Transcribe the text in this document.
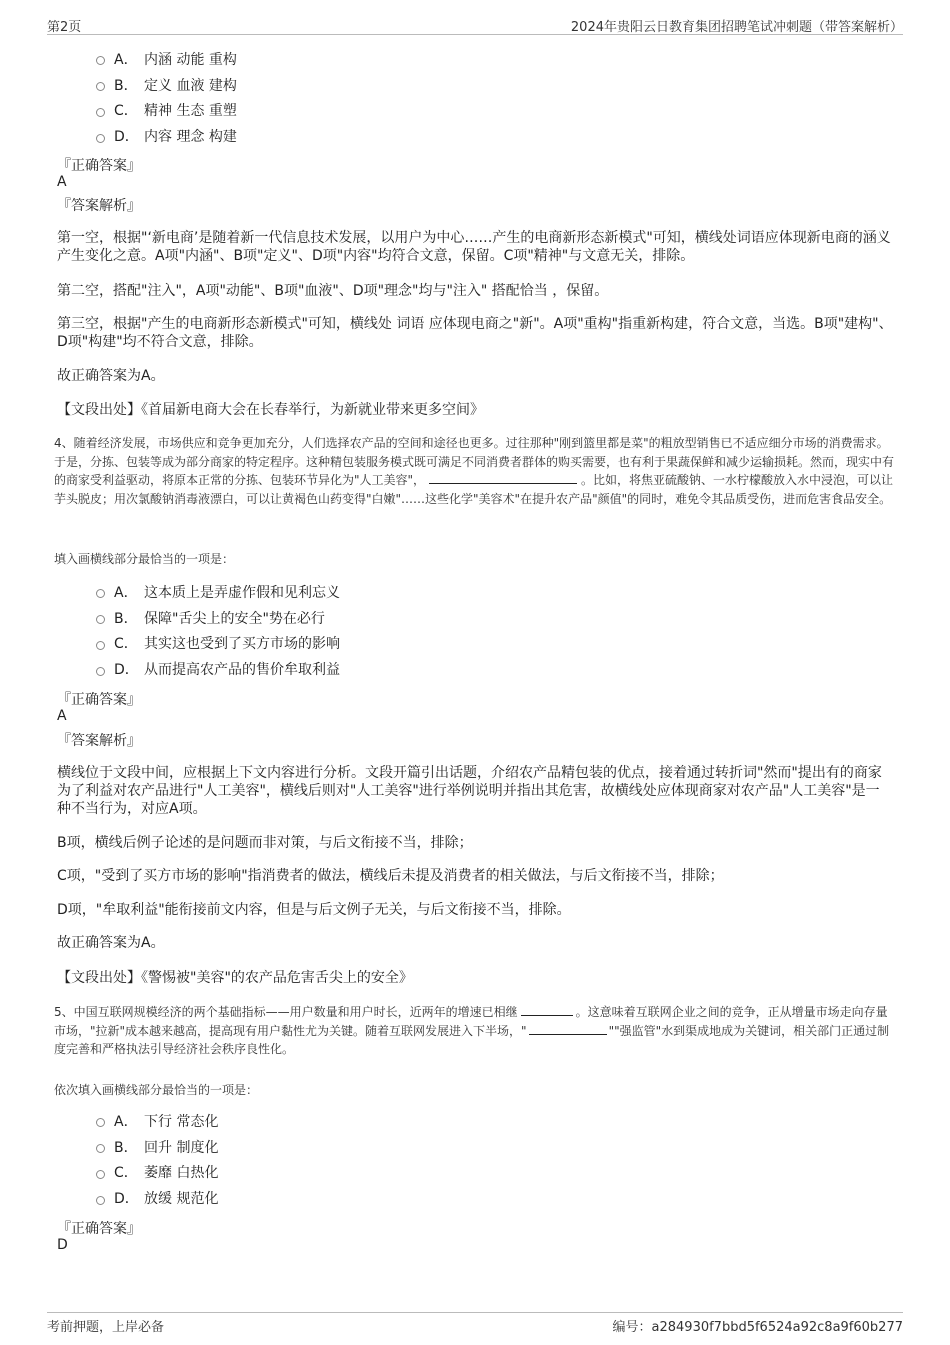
第2页	2024年贵阳云日教育集团招聘笔试冲刺题（带答案解析）
A． 内涵 动能 重构
B． 定义 血液 建构
C． 精神 生态 重塑
D． 内容 理念 构建
『正确答案』
A
『答案解析』
第一空，根据"‘新电商’是随着新一代信息技术发展，以用户为中心……产生的电商新形态新模式"可知，横线处词语应体现新电商的涵义产生变化之意。A项"内涵"、B项"定义"、D项"内容"均符合文意，保留。C项"精神"与文意无关，排除。
第二空，搭配"注入"，A项"动能"、B项"血液"、D项"理念"均与"注入" 搭配恰当 ，保留。
第三空，根据"产生的电商新形态新模式"可知，横线处 词语 应体现电商之"新"。A项"重构"指重新构建，符合文意，当选。B项"建构"、D项"构建"均不符合文意，排除。
故正确答案为A。
【文段出处】《首届新电商大会在长春举行，为新就业带来更多空间》
4、随着经济发展，市场供应和竞争更加充分，人们选择农产品的空间和途径也更多。过往那种"刚到篮里都是菜"的粗放型销售已不适应细分市场的消费需求。于是，分拣、包装等成为部分商家的特定程序。这种精包装服务模式既可满足不同消费者群体的购买需要，也有利于果蔬保鲜和减少运输损耗。然而，现实中有的商家受利益驱动，将原本正常的分拣、包装环节异化为"人工美容"，	。比如，将焦亚硫酸钠、一水柠檬酸放入水中浸泡，可以让芋头脱皮；用次氯酸钠消毒液漂白，可以让黄褐色山药变得"白嫩"……这些化学"美容术"在提升农产品"颜值"的同时，难免令其品质受伤，进而危害食品安全。
填入画横线部分最恰当的一项是：
A． 这本质上是弄虚作假和见利忘义
B． 保障"舌尖上的安全"势在必行
C． 其实这也受到了买方市场的影响
D． 从而提高农产品的售价牟取利益
『正确答案』
A
『答案解析』
横线位于文段中间，应根据上下文内容进行分析。文段开篇引出话题，介绍农产品精包装的优点，接着通过转折词"然而"提出有的商家为了利益对农产品进行"人工美容"，横线后则对"人工美容"进行举例说明并指出其危害，故横线处应体现商家对农产品"人工美容"是一种不当行为，对应A项。
B项，横线后例子论述的是问题而非对策，与后文衔接不当，排除；
C项，"受到了买方市场的影响"指消费者的做法，横线后未提及消费者的相关做法，与后文衔接不当，排除；
D项，"牟取利益"能衔接前文内容，但是与后文例子无关，与后文衔接不当，排除。
故正确答案为A。
【文段出处】《警惕被"美容"的农产品危害舌尖上的安全》
5、中国互联网规模经济的两个基础指标——用户数量和用户时长，近两年的增速已相继	。这意味着互联网企业之间的竞争，正从增量市场走向存量市场，"拉新"成本越来越高，提高现有用户黏性尤为关键。随着互联网发展进入下半场，"	""强监管"水到渠成地成为关键词，相关部门正通过制度完善和严格执法引导经济社会秩序良性化。
依次填入画横线部分最恰当的一项是：
A． 下行 常态化
B． 回升 制度化
C． 萎靡 白热化
D． 放缓 规范化
『正确答案』
D
考前押题，上岸必备	编号：a284930f7bbd5f6524a92c8a9f60b277
